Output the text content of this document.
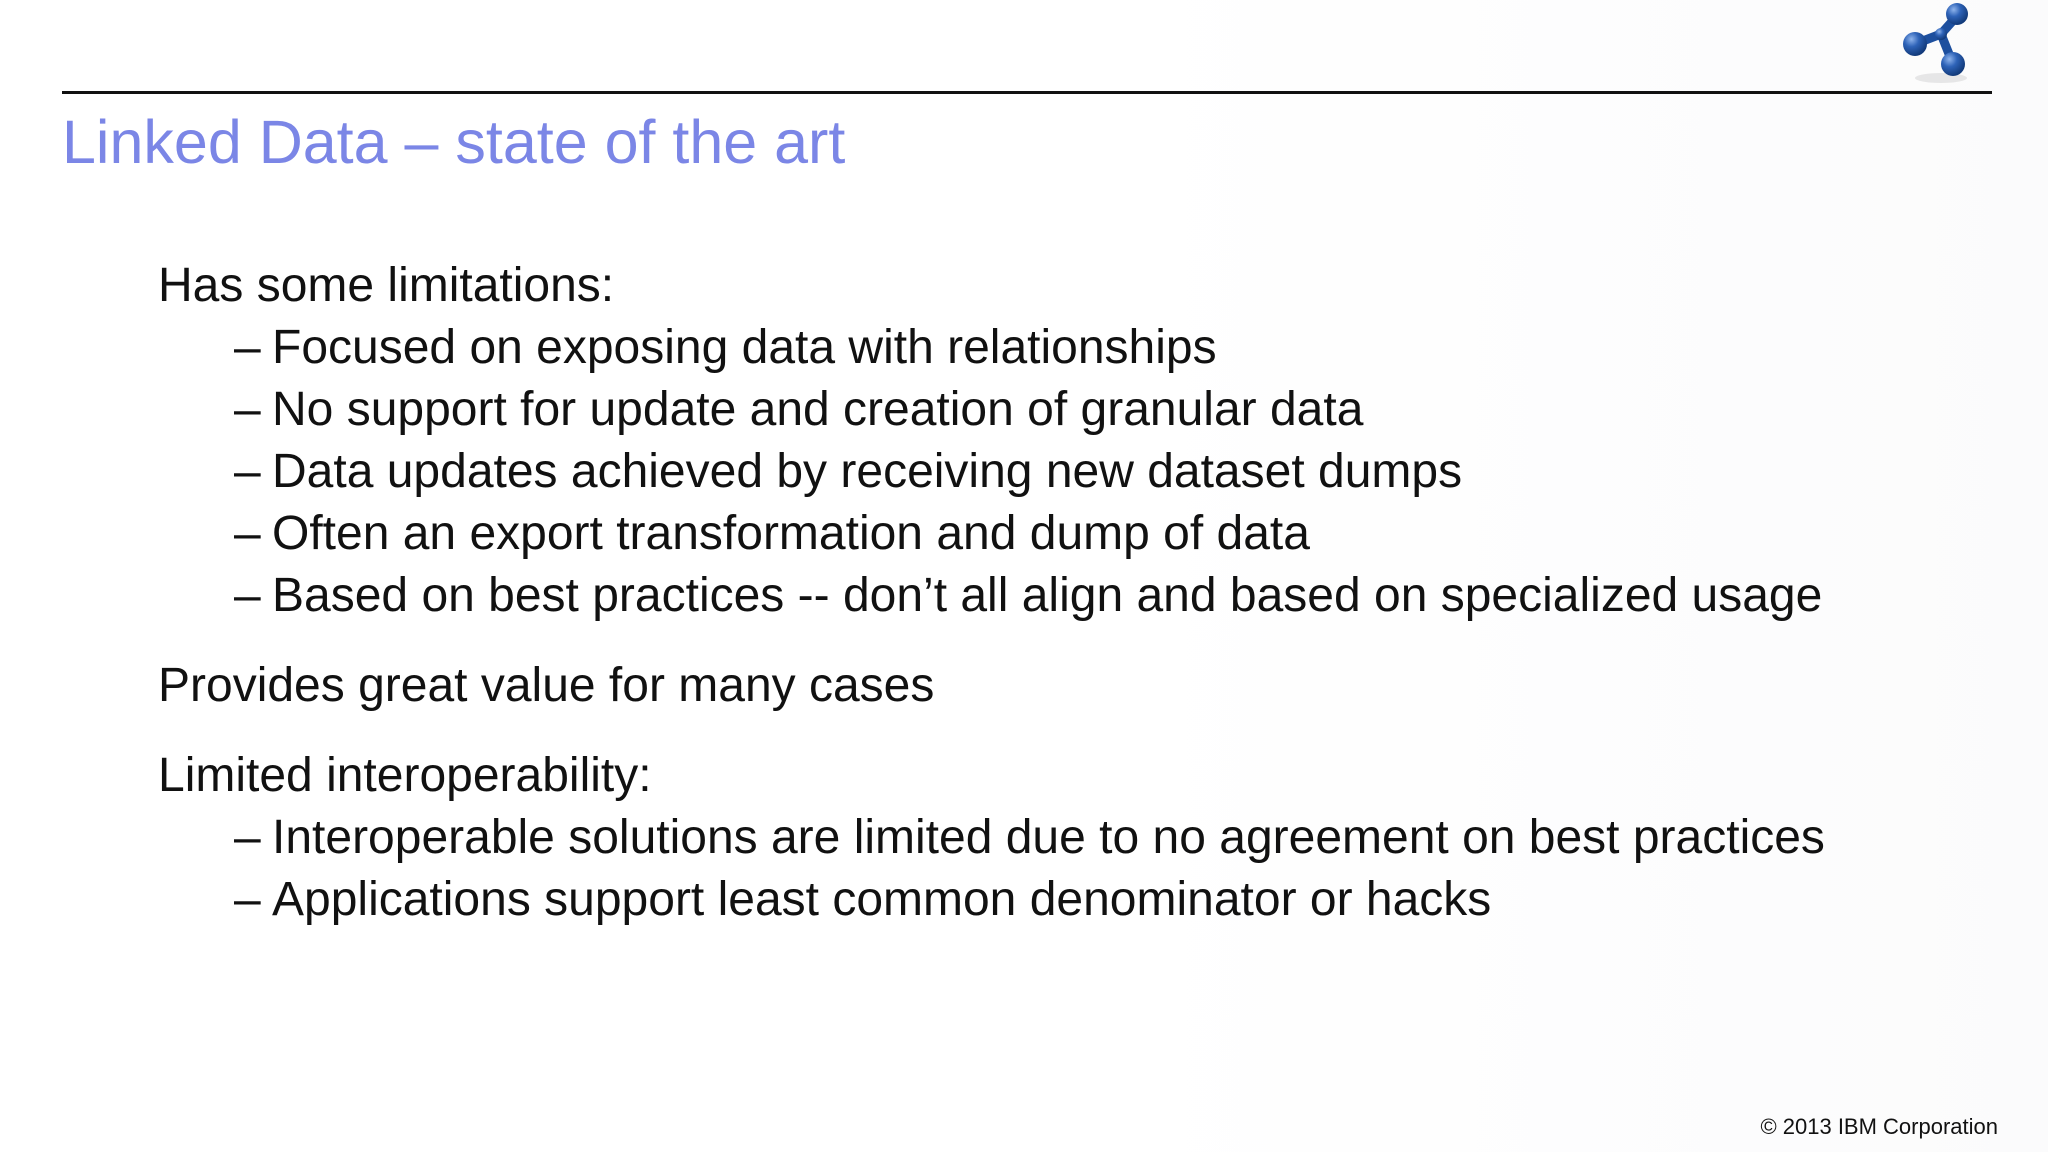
Linked Data – state of the art
Has some limitations:
– Focused on exposing data with relationships
– No support for update and creation of granular data
– Data updates achieved by receiving new dataset dumps
– Often an export transformation and dump of data
– Based on best practices -- don’t all align and based on specialized usage
Provides great value for many cases
Limited interoperability:
– Interoperable solutions are limited due to no agreement on best practices
– Applications support least common denominator or hacks
© 2013 IBM Corporation
